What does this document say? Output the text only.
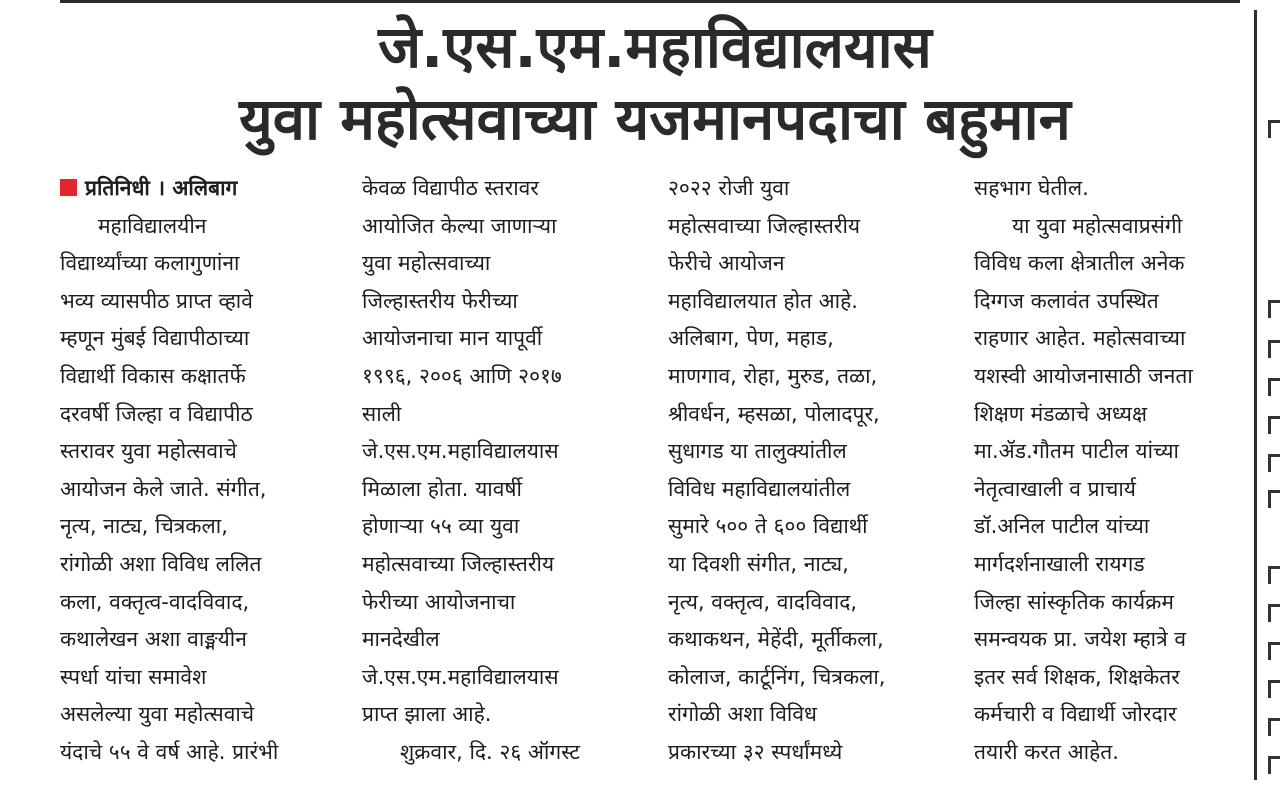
जे.एस.एम.महाविद्यालयास
युवा महोत्सवाच्या यजमानपदाचा बहुमान
प्रतिनिधी । अलिबाग
महाविद्यालयीन
विद्यार्थ्यांच्या कलागुणांना
भव्य व्यासपीठ प्राप्त व्हावे
म्हणून मुंबई विद्यापीठाच्या
विद्यार्थी विकास कक्षातर्फे
दरवर्षी जिल्हा व विद्यापीठ
स्तरावर युवा महोत्सवाचे
आयोजन केले जाते. संगीत,
नृत्य, नाट्य, चित्रकला,
रांगोळी अशा विविध ललित
कला, वक्तृत्व-वादविवाद,
कथालेखन अशा वाङ्मयीन
स्पर्धा यांचा समावेश
असलेल्या युवा महोत्सवाचे
यंदाचे ५५ वे वर्ष आहे. प्रारंभी
केवळ विद्यापीठ स्तरावर
आयोजित केल्या जाणाऱ्या
युवा महोत्सवाच्या
जिल्हास्तरीय फेरीच्या
आयोजनाचा मान यापूर्वी
१९९६, २००६ आणि २०१७
साली
जे.एस.एम.महाविद्यालयास
मिळाला होता. यावर्षी
होणाऱ्या ५५ व्या युवा
महोत्सवाच्या जिल्हास्तरीय
फेरीच्या आयोजनाचा
मानदेखील
जे.एस.एम.महाविद्यालयास
प्राप्त झाला आहे.
शुक्रवार, दि. २६ ऑगस्ट
२०२२ रोजी युवा
महोत्सवाच्या जिल्हास्तरीय
फेरीचे आयोजन
महाविद्यालयात होत आहे.
अलिबाग, पेण, महाड,
माणगाव, रोहा, मुरुड, तळा,
श्रीवर्धन, म्हसळा, पोलादपूर,
सुधागड या तालुक्यांतील
विविध महाविद्यालयांतील
सुमारे ५०० ते ६०० विद्यार्थी
या दिवशी संगीत, नाट्य,
नृत्य, वक्तृत्व, वादविवाद,
कथाकथन, मेहेंदी, मूर्तीकला,
कोलाज, कार्टूनिंग, चित्रकला,
रांगोळी अशा विविध
प्रकारच्या ३२ स्पर्धांमध्ये
सहभाग घेतील.
या युवा महोत्सवाप्रसंगी
विविध कला क्षेत्रातील अनेक
दिग्गज कलावंत उपस्थित
राहणार आहेत. महोत्सवाच्या
यशस्वी आयोजनासाठी जनता
शिक्षण मंडळाचे अध्यक्ष
मा.ॲड.गौतम पाटील यांच्या
नेतृत्वाखाली व प्राचार्य
डॉ.अनिल पाटील यांच्या
मार्गदर्शनाखाली रायगड
जिल्हा सांस्कृतिक कार्यक्रम
समन्वयक प्रा. जयेश म्हात्रे व
इतर सर्व शिक्षक, शिक्षकेतर
कर्मचारी व विद्यार्थी जोरदार
तयारी करत आहेत.
